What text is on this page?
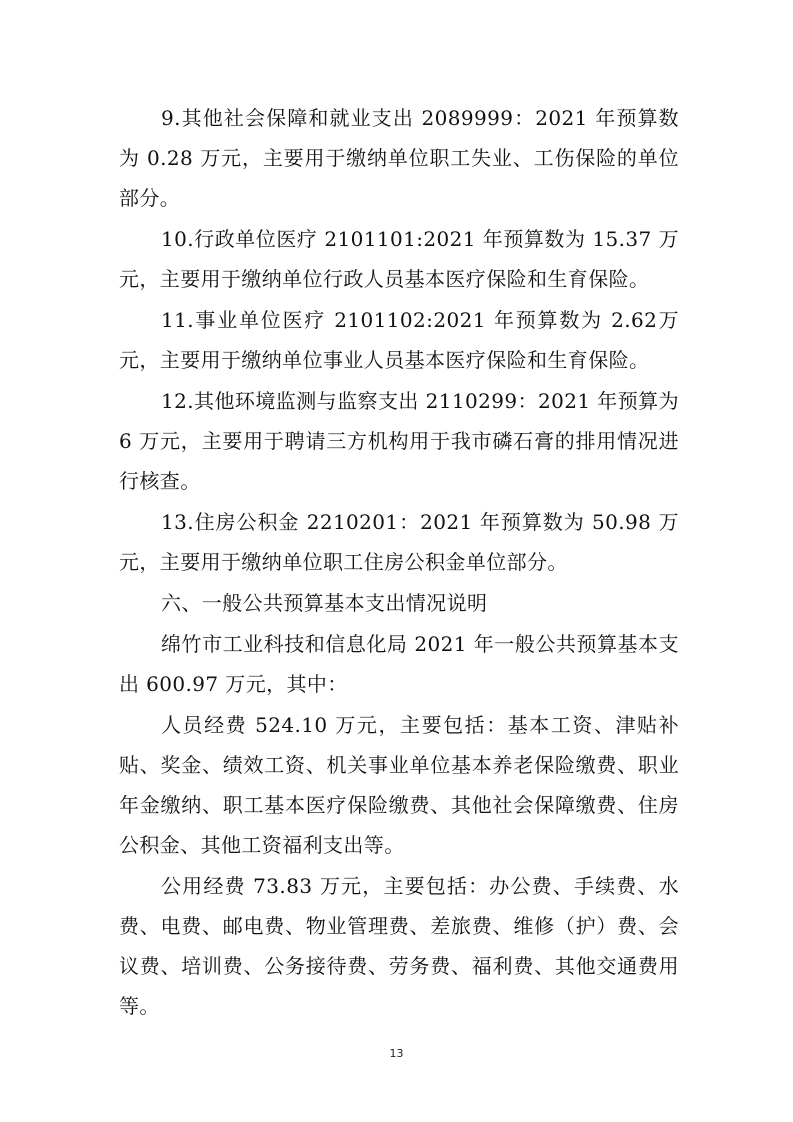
9.其他社会保障和就业支出 2089999：2021 年预算数为 0.28 万元，主要用于缴纳单位职工失业、工伤保险的单位部分。

10.行政单位医疗 2101101:2021 年预算数为 15.37 万元，主要用于缴纳单位行政人员基本医疗保险和生育保险。

11.事业单位医疗 2101102:2021 年预算数为 2.62万元，主要用于缴纳单位事业人员基本医疗保险和生育保险。

12.其他环境监测与监察支出 2110299：2021 年预算为 6 万元，主要用于聘请三方机构用于我市磷石膏的排用情况进行核查。

13.住房公积金 2210201：2021 年预算数为 50.98 万元，主要用于缴纳单位职工住房公积金单位部分。

六、一般公共预算基本支出情况说明

绵竹市工业科技和信息化局 2021 年一般公共预算基本支出 600.97 万元，其中：

人员经费 524.10 万元，主要包括：基本工资、津贴补贴、奖金、绩效工资、机关事业单位基本养老保险缴费、职业年金缴纳、职工基本医疗保险缴费、其他社会保障缴费、住房公积金、其他工资福利支出等。

公用经费 73.83 万元，主要包括：办公费、手续费、水费、电费、邮电费、物业管理费、差旅费、维修（护）费、会议费、培训费、公务接待费、劳务费、福利费、其他交通费用等。

13
